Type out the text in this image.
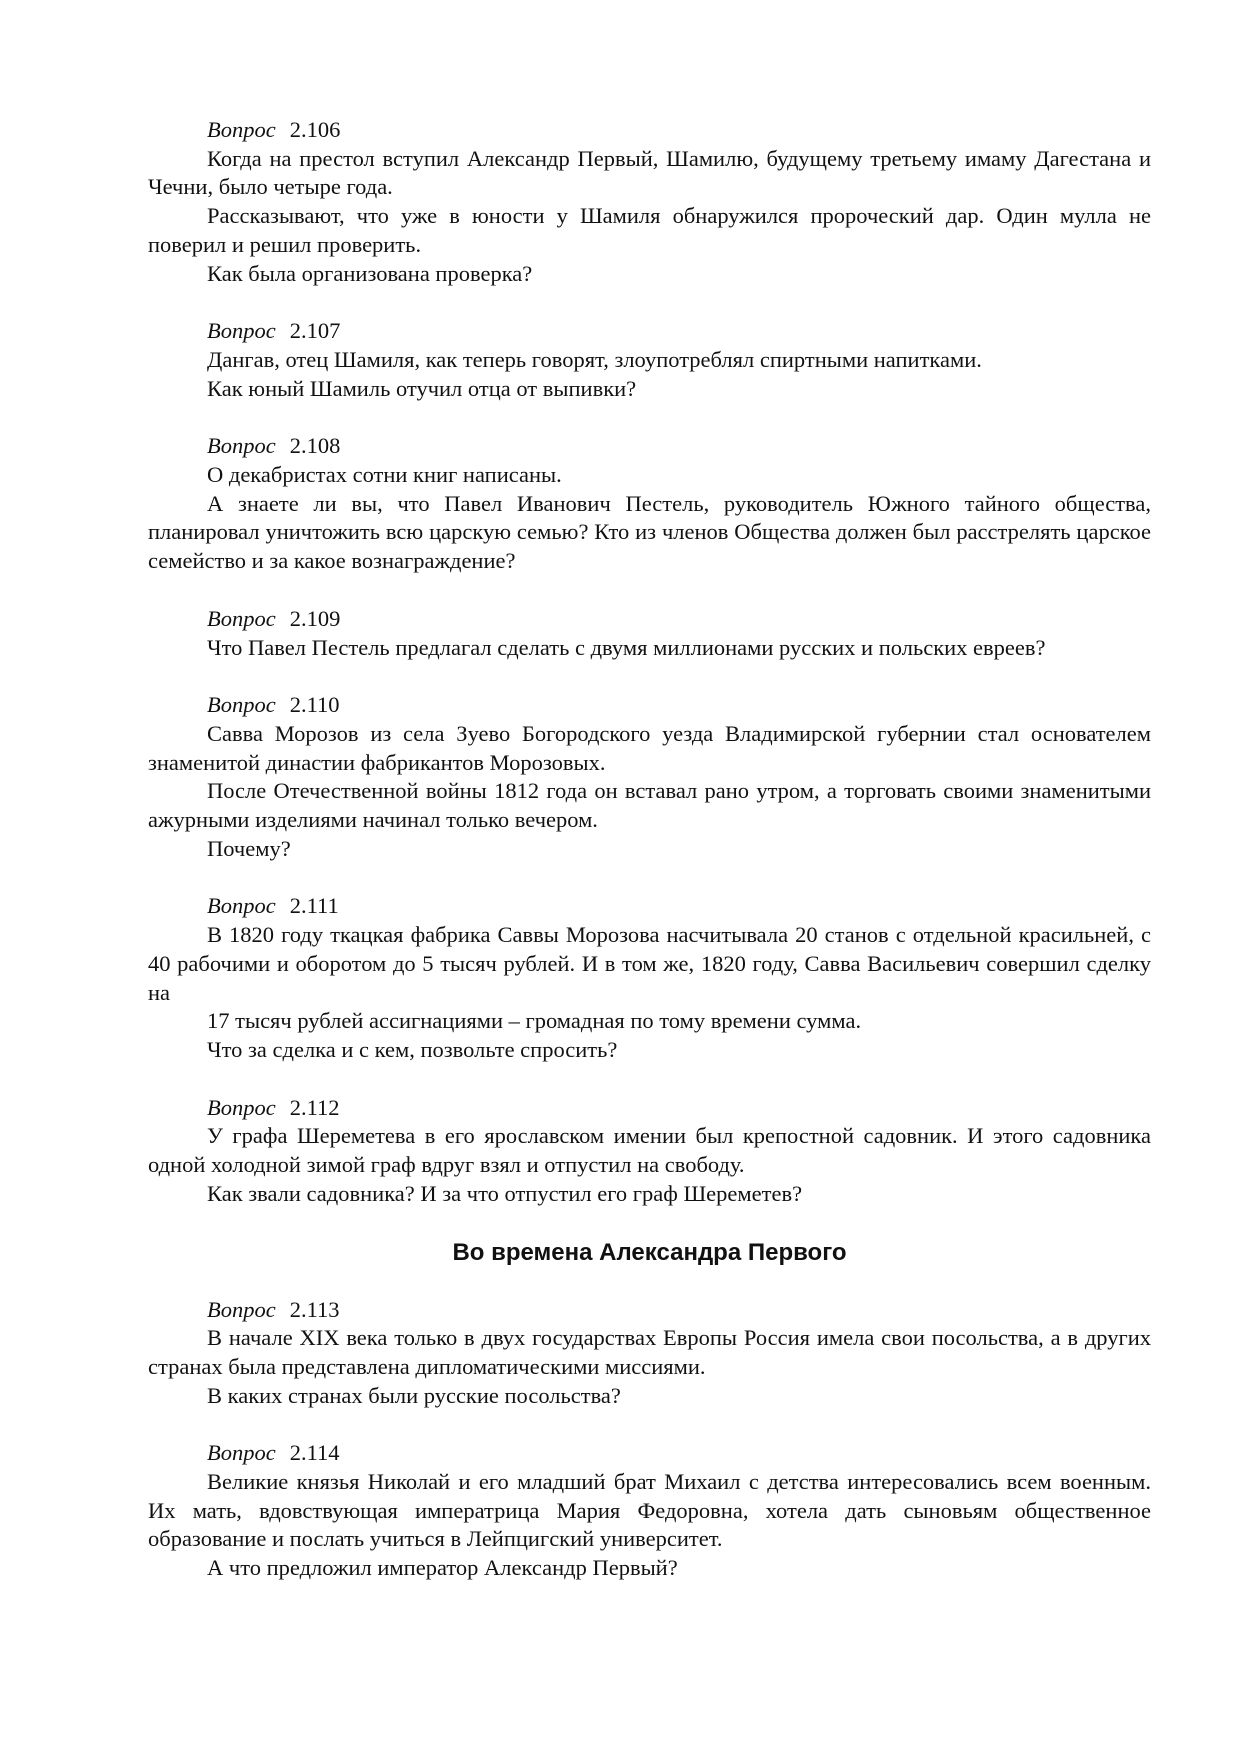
Вопрос 2.106
Когда на престол вступил Александр Первый, Шамилю, будущему третьему имаму Дагестана и Чечни, было четыре года.
Рассказывают, что уже в юности у Шамиля обнаружился пророческий дар. Один мулла не поверил и решил проверить.
Как была организована проверка?
Вопрос 2.107
Дангав, отец Шамиля, как теперь говорят, злоупотреблял спиртными напитками.
Как юный Шамиль отучил отца от выпивки?
Вопрос 2.108
О декабристах сотни книг написаны.
А знаете ли вы, что Павел Иванович Пестель, руководитель Южного тайного общества, планировал уничтожить всю царскую семью? Кто из членов Общества должен был расстрелять царское семейство и за какое вознаграждение?
Вопрос 2.109
Что Павел Пестель предлагал сделать с двумя миллионами русских и польских евреев?
Вопрос 2.110
Савва Морозов из села Зуево Богородского уезда Владимирской губернии стал основателем знаменитой династии фабрикантов Морозовых.
После Отечественной войны 1812 года он вставал рано утром, а торговать своими знаменитыми ажурными изделиями начинал только вечером.
Почему?
Вопрос 2.111
В 1820 году ткацкая фабрика Саввы Морозова насчитывала 20 станов с отдельной красильней, с 40 рабочими и оборотом до 5 тысяч рублей. И в том же, 1820 году, Савва Васильевич совершил сделку на
17 тысяч рублей ассигнациями – громадная по тому времени сумма.
Что за сделка и с кем, позвольте спросить?
Вопрос 2.112
У графа Шереметева в его ярославском имении был крепостной садовник. И этого садовника одной холодной зимой граф вдруг взял и отпустил на свободу.
Как звали садовника? И за что отпустил его граф Шереметев?
Во времена Александра Первого
Вопрос 2.113
В начале XIX века только в двух государствах Европы Россия имела свои посольства, а в других странах была представлена дипломатическими миссиями.
В каких странах были русские посольства?
Вопрос 2.114
Великие князья Николай и его младший брат Михаил с детства интересовались всем военным. Их мать, вдовствующая императрица Мария Федоровна, хотела дать сыновьям общественное образование и послать учиться в Лейпцигский университет.
А что предложил император Александр Первый?
